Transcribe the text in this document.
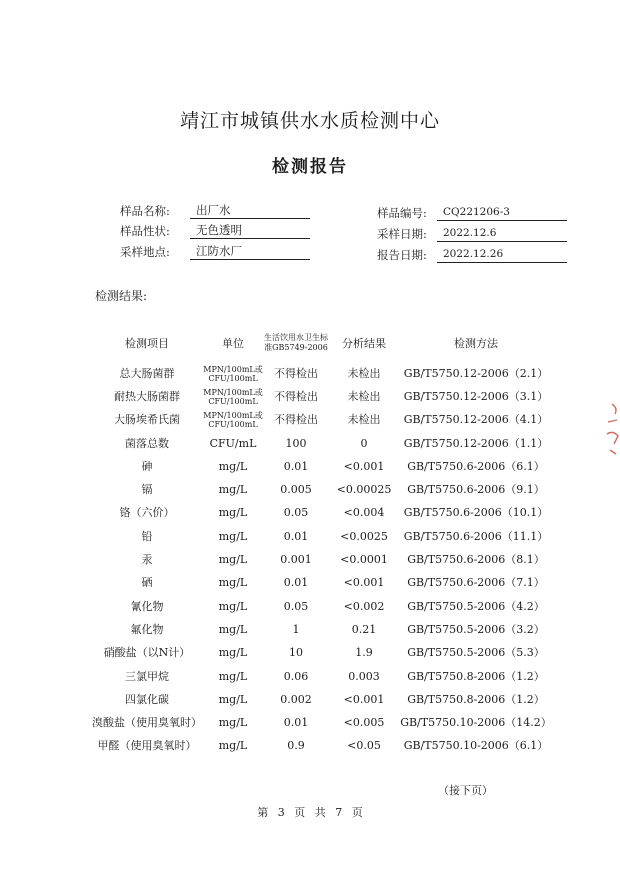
靖江市城镇供水水质检测中心
检测报告
样品名称:	出厂水
样品性状:	无色透明
采样地点:	江防水厂
样品编号:	CQ221206-3
采样日期:	2022.12.6
报告日期:	2022.12.26
检测结果:
检测项目	单位	生活饮用水卫生标准GB5749-2006	分析结果	检测方法
总大肠菌群	MPN/100mL或CFU/100mL	不得检出	未检出	GB/T5750.12-2006（2.1）
耐热大肠菌群	MPN/100mL或CFU/100mL	不得检出	未检出	GB/T5750.12-2006（3.1）
大肠埃希氏菌	MPN/100mL或CFU/100mL	不得检出	未检出	GB/T5750.12-2006（4.1）
菌落总数	CFU/mL	100	0	GB/T5750.12-2006（1.1）
砷	mg/L	0.01	<0.001	GB/T5750.6-2006（6.1）
镉	mg/L	0.005	<0.00025	GB/T5750.6-2006（9.1）
铬（六价）	mg/L	0.05	<0.004	GB/T5750.6-2006（10.1）
铅	mg/L	0.01	<0.0025	GB/T5750.6-2006（11.1）
汞	mg/L	0.001	<0.0001	GB/T5750.6-2006（8.1）
硒	mg/L	0.01	<0.001	GB/T5750.6-2006（7.1）
氰化物	mg/L	0.05	<0.002	GB/T5750.5-2006（4.2）
氟化物	mg/L	1	0.21	GB/T5750.5-2006（3.2）
硝酸盐（以N计）	mg/L	10	1.9	GB/T5750.5-2006（5.3）
三氯甲烷	mg/L	0.06	0.003	GB/T5750.8-2006（1.2）
四氯化碳	mg/L	0.002	<0.001	GB/T5750.8-2006（1.2）
溴酸盐（使用臭氧时）	mg/L	0.01	<0.005	GB/T5750.10-2006（14.2）
甲醛（使用臭氧时）	mg/L	0.9	<0.05	GB/T5750.10-2006（6.1）
（接下页）
第 3 页 共 7 页
